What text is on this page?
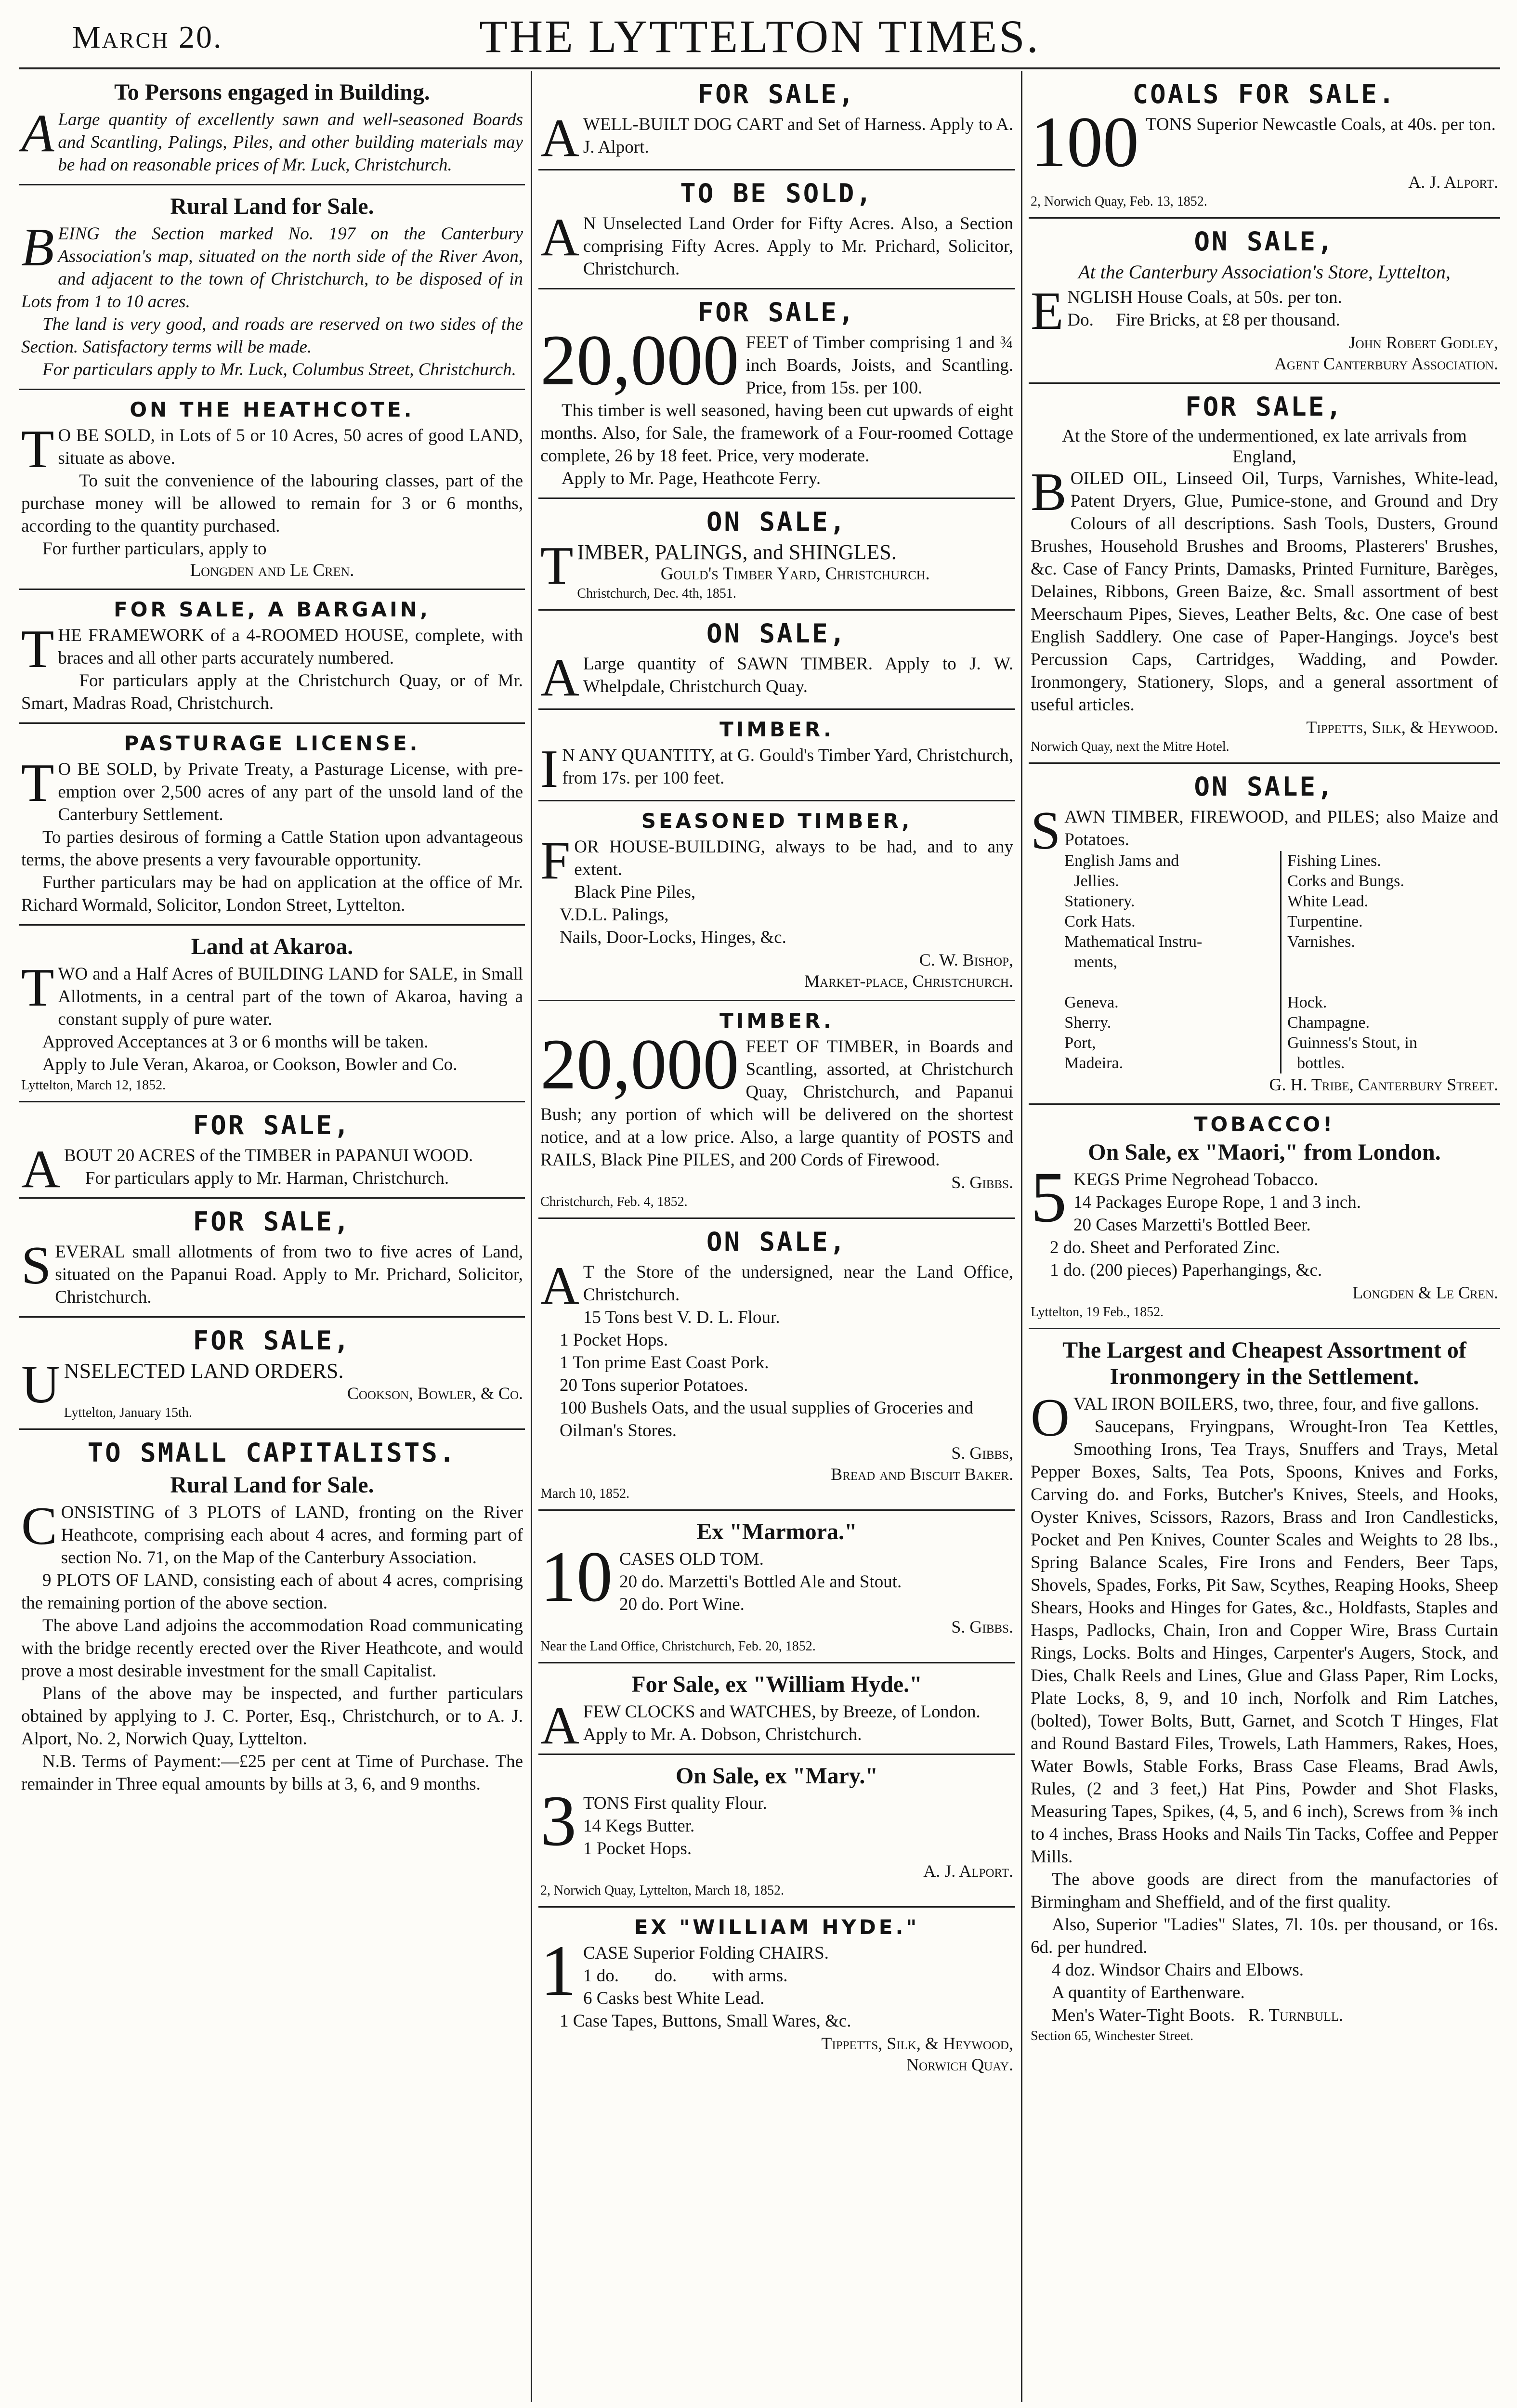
March 20.	THE LYTTELTON TIMES.
To Persons engaged in Building.

A Large quantity of excellently sawn and well-seasoned Boards and Scantling, Palings, Piles, and other building materials may be had on reasonable prices of Mr. Luck, Christchurch.

Rural Land for Sale.

BEING the Section marked No. 197 on the Canterbury Association's map, situated on the north side of the River Avon, and adjacent to the town of Christchurch, to be disposed of in Lots from 1 to 10 acres.

The land is very good, and roads are reserved on two sides of the Section. Satisfactory terms will be made.

For particulars apply to Mr. Luck, Columbus Street, Christchurch.

ON THE HEATHCOTE.

T O BE SOLD, in Lots of 5 or 10 Acres, 50 acres of good LAND, situate as above.

To suit the convenience of the labouring classes, part of the purchase money will be allowed to remain for 3 or 6 months, according to the quantity purchased.

For further particulars, apply to

Longden and Le Cren.
FOR SALE, A BARGAIN,

THE FRAMEWORK of a 4-ROOMED HOUSE, complete, with braces and all other parts accurately numbered.

For particulars apply at the Christchurch Quay, or of Mr. Smart, Madras Road, Christchurch.

PASTURAGE LICENSE.

T O BE SOLD, by Private Treaty, a Pasturage License, with pre-emption over 2,500 acres of any part of the unsold land of the Canterbury Settlement.

To parties desirous of forming a Cattle Station upon advantageous terms, the above presents a very favourable opportunity.

Further particulars may be had on application at the office of Mr. Richard Wormald, Solicitor, London Street, Lyttelton.

Land at Akaroa.

TWO and a Half Acres of BUILDING LAND for SALE, in Small Allotments, in a central part of the town of Akaroa, having a constant supply of pure water.

Approved Acceptances at 3 or 6 months will be taken.

Apply to Jule Veran, Akaroa, or Cookson, Bowler and Co.

Lyttelton, March 12, 1852.

FOR SALE,

ABOUT 20 ACRES of the TIMBER in PAPANUI WOOD.

For particulars apply to Mr. Harman, Christchurch.

FOR SALE,

SEVERAL small allotments of from two to five acres of Land, situated on the Papanui Road. Apply to Mr. Prichard, Solicitor, Christchurch.

FOR SALE,

UNSELECTED LAND ORDERS.

Cookson, Bowler, & Co.

Lyttelton, January 15th.

TO SMALL CAPITALISTS.
Rural Land for Sale.

CONSISTING of 3 PLOTS of LAND, fronting on the River Heathcote, comprising each about 4 acres, and forming part of section No. 71, on the Map of the Canterbury Association.

9 PLOTS OF LAND, consisting each of about 4 acres, comprising the remaining portion of the above section.

The above Land adjoins the accommodation Road communicating with the bridge recently erected over the River Heathcote, and would prove a most desirable investment for the small Capitalist.

Plans of the above may be inspected, and further particulars obtained by applying to J. C. Porter, Esq., Christchurch, or to A. J. Alport, No. 2, Norwich Quay, Lyttelton.

N.B. Terms of Payment:—£25 per cent at Time of Purchase. The remainder in Three equal amounts by bills at 3, 6, and 9 months.

FOR SALE,

AWELL-BUILT DOG CART and Set of Harness. Apply to A. J. Alport.

TO BE SOLD,

A N Unselected Land Order for Fifty Acres. Also, a Section comprising Fifty Acres. Apply to Mr. Prichard, Solicitor, Christchurch.

FOR SALE,

20,000 FEET of Timber comprising 1 and ¾ inch Boards, Joists, and Scantling. Price, from 15s. per 100.

This timber is well seasoned, having been cut upwards of eight months. Also, for Sale, the framework of a Four-roomed Cottage complete, 26 by 18 feet. Price, very moderate.

Apply to Mr. Page, Heathcote Ferry.

ON SALE,

TIMBER, PALINGS, and SHINGLES.

Gould's Timber Yard, Christchurch.

Christchurch, Dec. 4th, 1851.

ON SALE,

A Large quantity of SAWN TIMBER. Apply to J. W. Whelpdale, Christchurch Quay.

TIMBER.

I N ANY QUANTITY, at G. Gould's Timber Yard, Christchurch, from 17s. per 100 feet.

SEASONED TIMBER,

FOR HOUSE-BUILDING, always to be had, and to any extent.

Black Pine Piles,

V.D.L. Palings,

Nails, Door-Locks, Hinges, &c.

C. W. Bishop,
Market-place, Christchurch.
TIMBER.

20,000 FEET OF TIMBER, in Boards and Scantling, assorted, at Christchurch Quay, Christchurch, and Papanui Bush; any portion of which will be delivered on the shortest notice, and at a low price. Also, a large quantity of POSTS and RAILS, Black Pine PILES, and 200 Cords of Firewood.

S. Gibbs.

Christchurch, Feb. 4, 1852.

ON SALE,

A T the Store of the undersigned, near the Land Office, Christchurch.

15 Tons best V. D. L. Flour.

1 Pocket Hops.

1 Ton prime East Coast Pork.

20 Tons superior Potatoes.

100 Bushels Oats, and the usual supplies of Groceries and Oilman's Stores.

S. Gibbs,
Bread and Biscuit Baker.

March 10, 1852.

Ex "Marmora."

10 CASES OLD TOM.

20 do. Marzetti's Bottled Ale and Stout.

20 do. Port Wine.

S. Gibbs.

Near the Land Office, Christchurch, Feb. 20, 1852.

For Sale, ex "William Hyde."

AFEW CLOCKS and WATCHES, by Breeze, of London.

Apply to Mr. A. Dobson, Christchurch.

On Sale, ex "Mary."

3 TONS First quality Flour.

14 Kegs Butter.

1 Pocket Hops.

A. J. Alport.

2, Norwich Quay, Lyttelton, March 18, 1852.

EX "WILLIAM HYDE."

1 CASE Superior Folding CHAIRS.

1 do.        do.        with arms.

6 Casks best White Lead.

1 Case Tapes, Buttons, Small Wares, &c.

Tippetts, Silk, & Heywood,
Norwich Quay.
COALS FOR SALE.

100 TONS Superior Newcastle Coals, at 40s. per ton.

A. J. Alport.

2, Norwich Quay, Feb. 13, 1852.

ON SALE,
At the Canterbury Association's Store, Lyttelton,

ENGLISH House Coals, at 50s. per ton.

Do.     Fire Bricks, at £8 per thousand.

John Robert Godley,
Agent Canterbury Association.
FOR SALE,

At the Store of the undermentioned, ex late arrivals from England,

BOILED OIL, Linseed Oil, Turps, Varnishes, White-lead, Patent Dryers, Glue, Pumice-stone, and Ground and Dry Colours of all descriptions. Sash Tools, Dusters, Ground Brushes, Household Brushes and Brooms, Plasterers' Brushes, &c. Case of Fancy Prints, Damasks, Printed Furniture, Barèges, Delaines, Ribbons, Green Baize, &c. Small assortment of best Meerschaum Pipes, Sieves, Leather Belts, &c. One case of best English Saddlery. One case of Paper-Hangings. Joyce's best Percussion Caps, Cartridges, Wadding, and Powder. Ironmongery, Stationery, Slops, and a general assortment of useful articles.

Tippetts, Silk, & Heywood.

Norwich Quay, next the Mitre Hotel.

ON SALE,

SAWN TIMBER, FIREWOOD, and PILES; also Maize and Potatoes.

English Jams and
Jellies.
Stationery.
Cork Hats.
Mathematical Instru-
ments,
Geneva.
Sherry.
Port,
Madeira.
Fishing Lines.
Corks and Bungs.
White Lead.
Turpentine.
Varnishes.
Hock.
Champagne.
Guinness's Stout, in
bottles.
G. H. Tribe, Canterbury Street.
TOBACCO!
On Sale, ex "Maori," from London.

5 KEGS Prime Negrohead Tobacco.

14 Packages Europe Rope, 1 and 3 inch.

20 Cases Marzetti's Bottled Beer.

2 do. Sheet and Perforated Zinc.

1 do. (200 pieces) Paperhangings, &c.

Longden & Le Cren.

Lyttelton, 19 Feb., 1852.

The Largest and Cheapest Assortment of Ironmongery in the Settlement.

OVAL IRON BOILERS, two, three, four, and five gallons.

Saucepans, Fryingpans, Wrought-Iron Tea Kettles, Smoothing Irons, Tea Trays, Snuffers and Trays, Metal Pepper Boxes, Salts, Tea Pots, Spoons, Knives and Forks, Carving do. and Forks, Butcher's Knives, Steels, and Hooks, Oyster Knives, Scissors, Razors, Brass and Iron Candlesticks, Pocket and Pen Knives, Counter Scales and Weights to 28 lbs., Spring Balance Scales, Fire Irons and Fenders, Beer Taps, Shovels, Spades, Forks, Pit Saw, Scythes, Reaping Hooks, Sheep Shears, Hooks and Hinges for Gates, &c., Holdfasts, Staples and Hasps, Padlocks, Chain, Iron and Copper Wire, Brass Curtain Rings, Locks. Bolts and Hinges, Carpenter's Augers, Stock, and Dies, Chalk Reels and Lines, Glue and Glass Paper, Rim Locks, Plate Locks, 8, 9, and 10 inch, Norfolk and Rim Latches, (bolted), Tower Bolts, Butt, Garnet, and Scotch T Hinges, Flat and Round Bastard Files, Trowels, Lath Hammers, Rakes, Hoes, Water Bowls, Stable Forks, Brass Case Fleams, Brad Awls, Rules, (2 and 3 feet,) Hat Pins, Powder and Shot Flasks, Measuring Tapes, Spikes, (4, 5, and 6 inch), Screws from ⅜ inch to 4 inches, Brass Hooks and Nails Tin Tacks, Coffee and Pepper Mills.

The above goods are direct from the manufactories of Birmingham and Sheffield, and of the first quality.

Also, Superior "Ladies" Slates, 7l. 10s. per thousand, or 16s. 6d. per hundred.

4 doz. Windsor Chairs and Elbows.

A quantity of Earthenware.

Men's Water-Tight Boots. R. Turnbull.

Section 65, Winchester Street.
